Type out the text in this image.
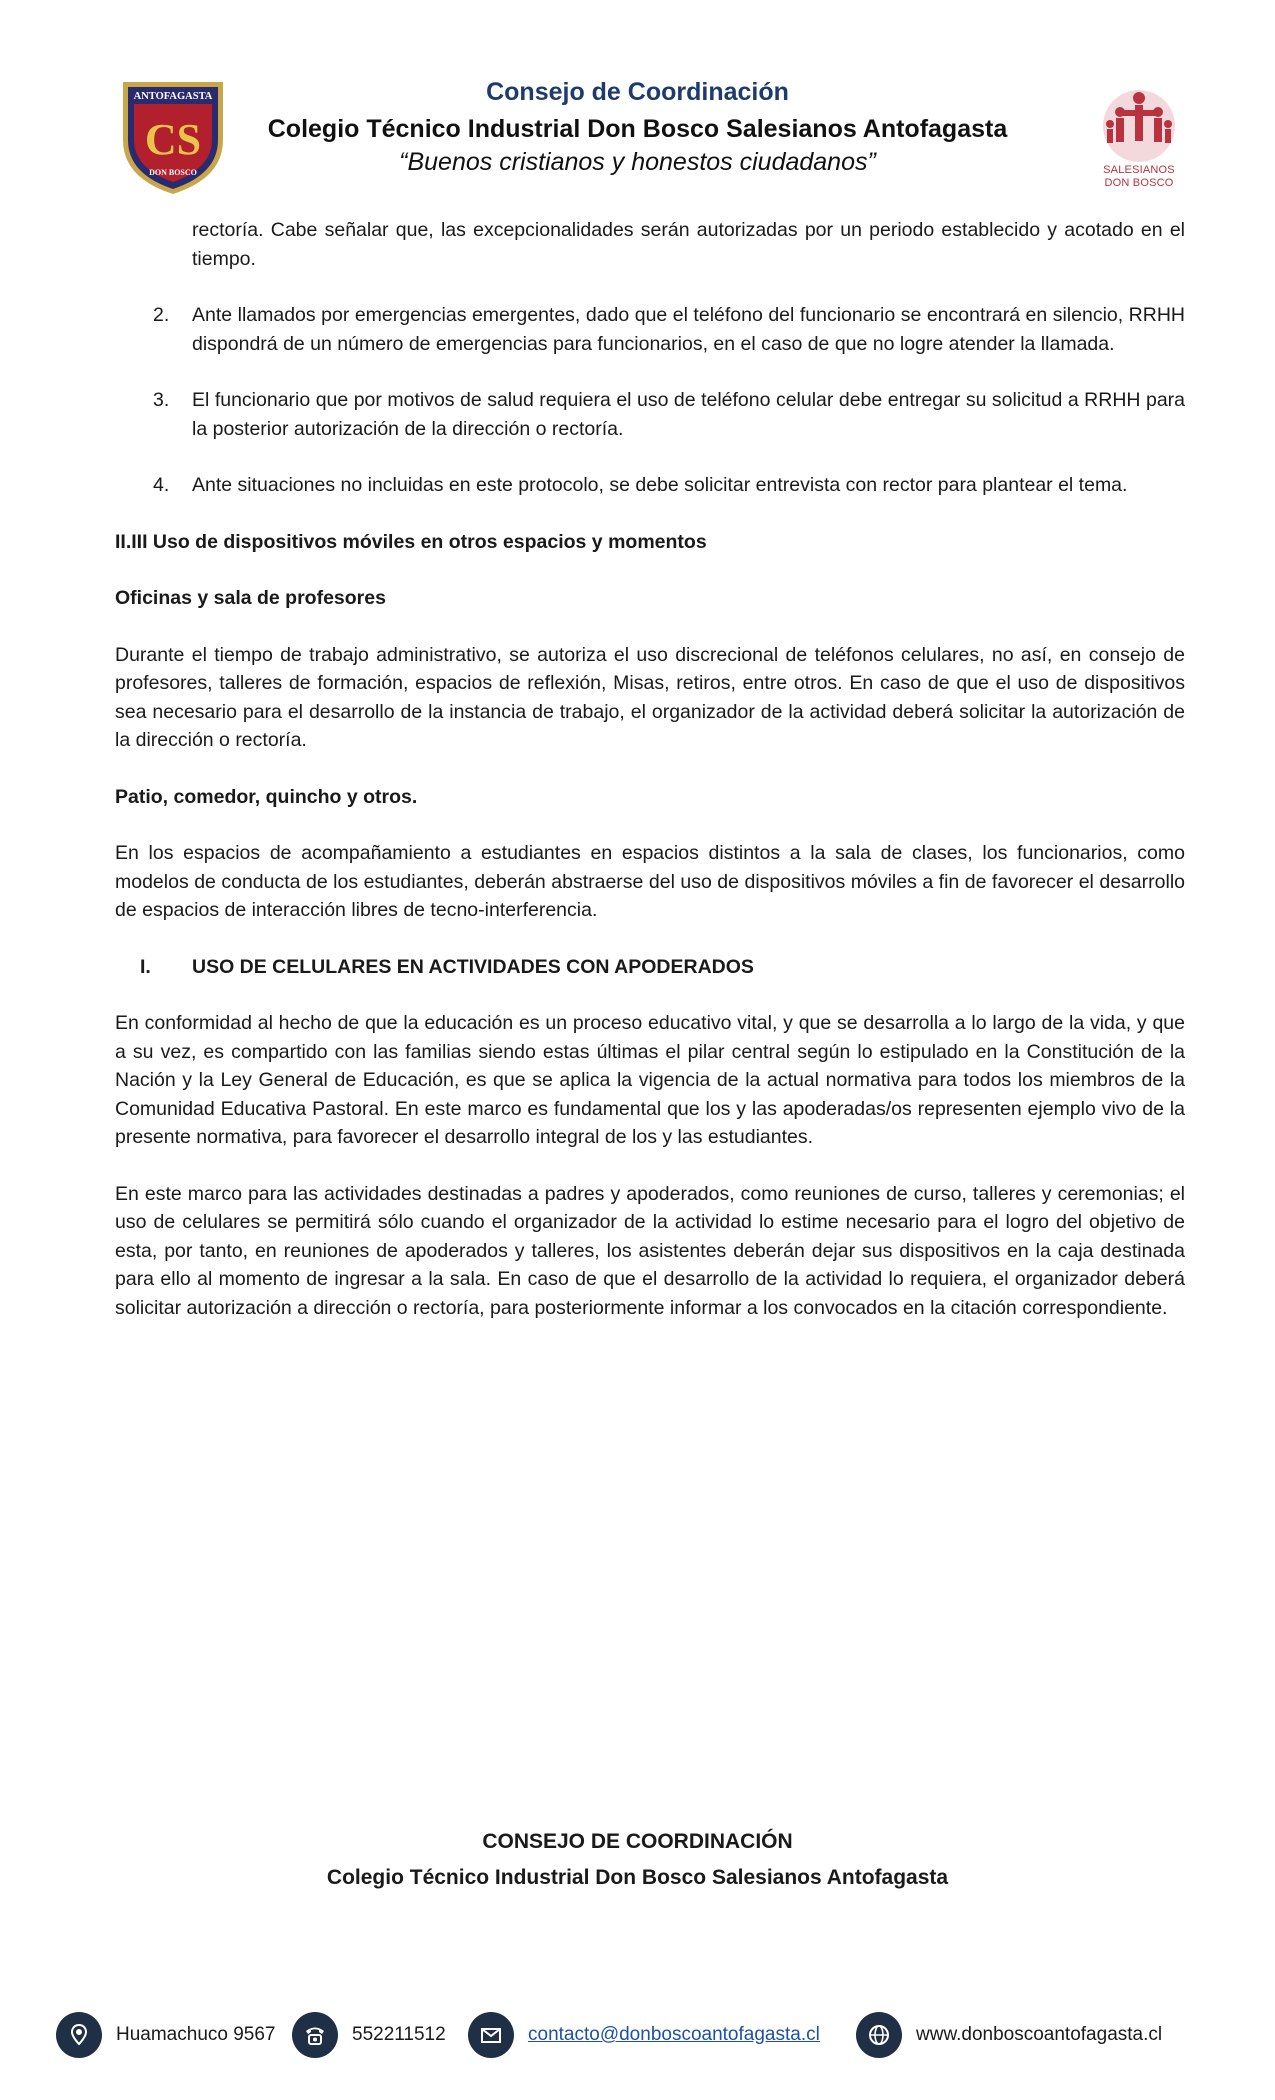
ANTOFAGASTA
CS
DON BOSCO
Consejo de Coordinación
Colegio Técnico Industrial Don Bosco Salesianos Antofagasta
“Buenos cristianos y honestos ciudadanos”	SALESIANOS
DON BOSCO

rectoría. Cabe señalar que, las excepcionalidades serán autorizadas por un periodo establecido y acotado en el tiempo.

2. Ante llamados por emergencias emergentes, dado que el teléfono del funcionario se encontrará en silencio, RRHH dispondrá de un número de emergencias para funcionarios, en el caso de que no logre atender la llamada.

3. El funcionario que por motivos de salud requiera el uso de teléfono celular debe entregar su solicitud a RRHH para la posterior autorización de la dirección o rectoría.

4. Ante situaciones no incluidas en este protocolo, se debe solicitar entrevista con rector para plantear el tema.

II.III Uso de dispositivos móviles en otros espacios y momentos

Oficinas y sala de profesores

Durante el tiempo de trabajo administrativo, se autoriza el uso discrecional de teléfonos celulares, no así, en consejo de profesores, talleres de formación, espacios de reflexión, Misas, retiros, entre otros. En caso de que el uso de dispositivos sea necesario para el desarrollo de la instancia de trabajo, el organizador de la actividad deberá solicitar la autorización de la dirección o rectoría.

Patio, comedor, quincho y otros.

En los espacios de acompañamiento a estudiantes en espacios distintos a la sala de clases, los funcionarios, como modelos de conducta de los estudiantes, deberán abstraerse del uso de dispositivos móviles a fin de favorecer el desarrollo de espacios de interacción libres de tecno-interferencia.

I. USO DE CELULARES EN ACTIVIDADES CON APODERADOS

En conformidad al hecho de que la educación es un proceso educativo vital, y que se desarrolla a lo largo de la vida, y que a su vez, es compartido con las familias siendo estas últimas el pilar central según lo estipulado en la Constitución de la Nación y la Ley General de Educación, es que se aplica la vigencia de la actual normativa para todos los miembros de la Comunidad Educativa Pastoral. En este marco es fundamental que los y las apoderadas/os representen ejemplo vivo de la presente normativa, para favorecer el desarrollo integral de los y las estudiantes.

En este marco para las actividades destinadas a padres y apoderados, como reuniones de curso, talleres y ceremonias; el uso de celulares se permitirá sólo cuando el organizador de la actividad lo estime necesario para el logro del objetivo de esta, por tanto, en reuniones de apoderados y talleres, los asistentes deberán dejar sus dispositivos en la caja destinada para ello al momento de ingresar a la sala. En caso de que el desarrollo de la actividad lo requiera, el organizador deberá solicitar autorización a dirección o rectoría, para posteriormente informar a los convocados en la citación correspondiente.

CONSEJO DE COORDINACIÓN
Colegio Técnico Industrial Don Bosco Salesianos Antofagasta
Huamachuco 9567	552211512	contacto@donboscoantofagasta.cl	www.donboscoantofagasta.cl
